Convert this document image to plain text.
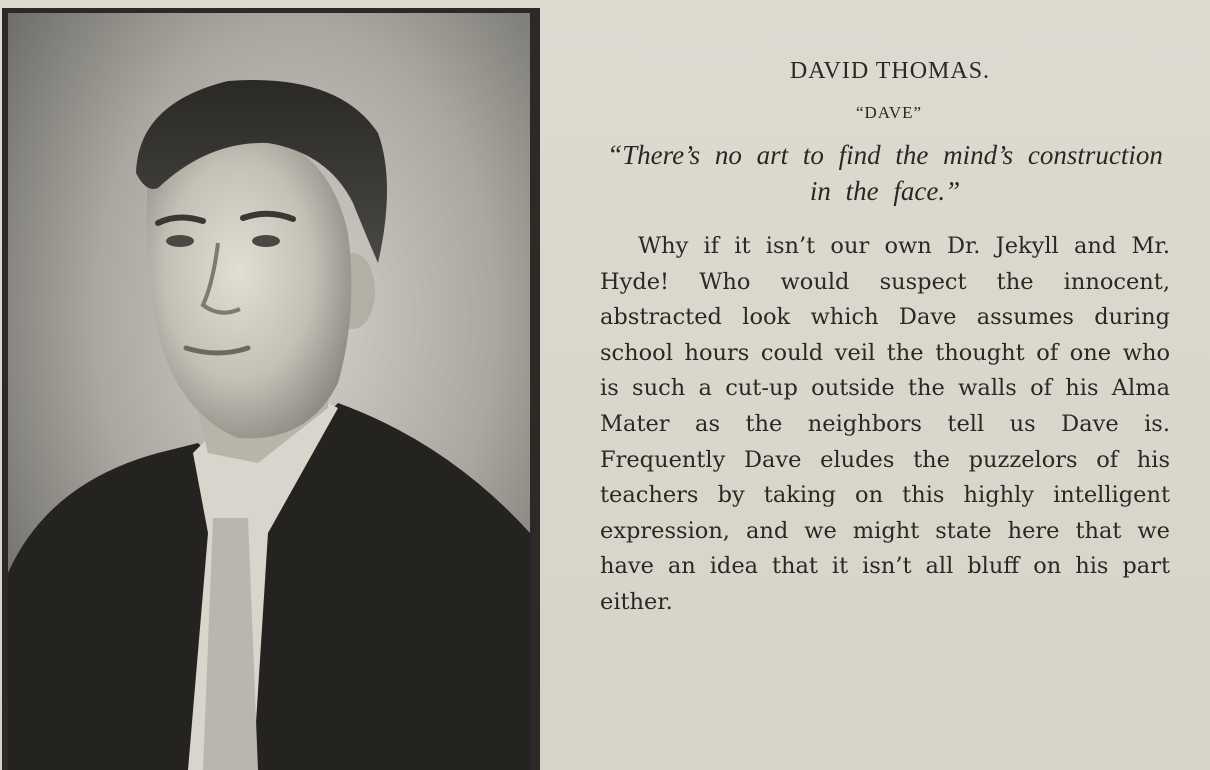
DAVID THOMAS.
“DAVE”
“There’s no art to find the mind’s construction in the face.”
Why if it isn’t our own Dr. Jekyll and Mr. Hyde! Who would suspect the innocent, abstracted look which Dave assumes during school hours could veil the thought of one who is such a cut-up outside the walls of his Alma Mater as the neighbors tell us Dave is. Frequently Dave eludes the puzzelors of his teachers by taking on this highly intelligent expression, and we might state here that we have an idea that it isn’t all bluff on his part either.
